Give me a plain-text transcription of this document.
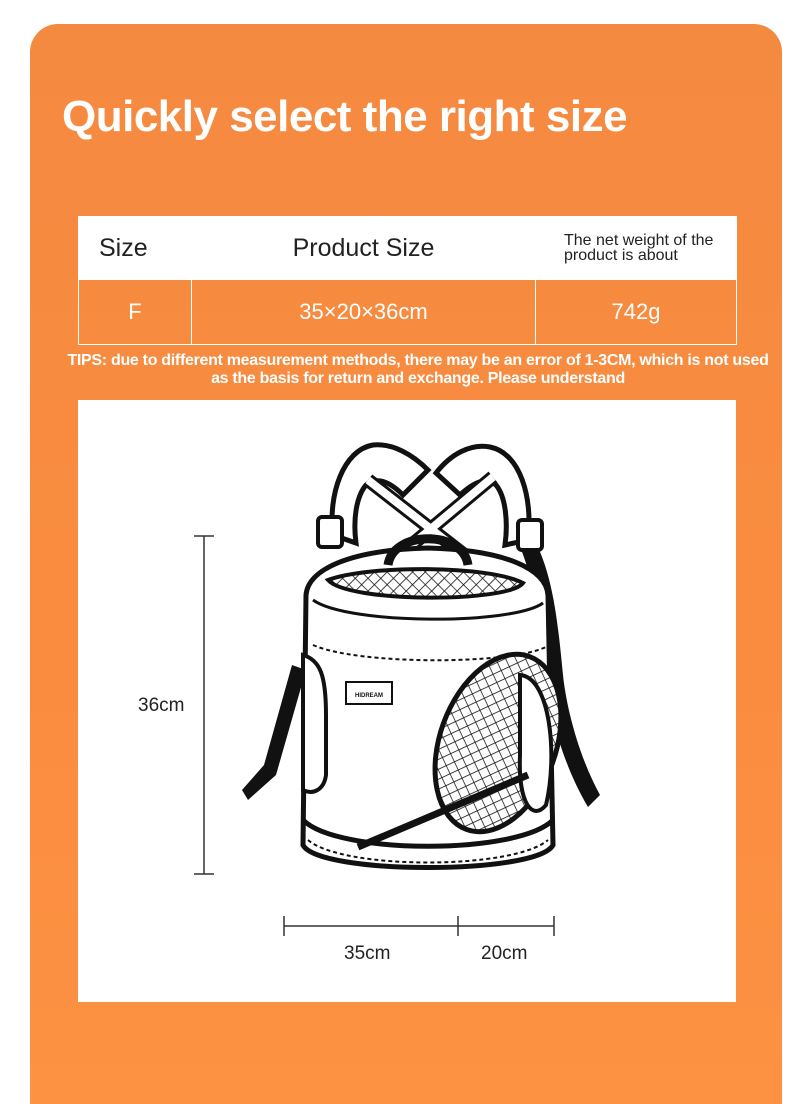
Quickly select the right size
Size	Product Size	The net weight of the product is about
F	35×20×36cm	742g
TIPS: due to different measurement methods, there may be an error of 1-3CM, which is not used as the basis for return and exchange. Please understand
36cm
35cm	20cm
HIDREAM
